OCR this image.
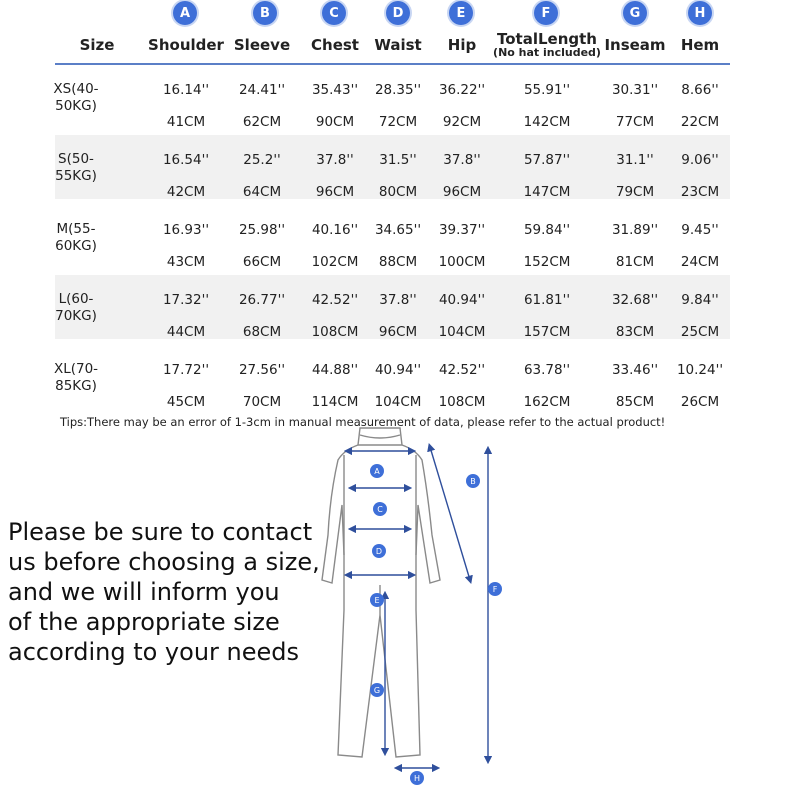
A	B	C	D	E	F	G	H
Size Shoulder Sleeve Chest Waist Hip TotalLength
(No hat included) Inseam Hem
XS(40-
50KG)
16.14'' 24.41'' 35.43'' 28.35'' 36.22''	55.91''	30.31'' 8.66''
41CM	62CM	90CM 72CM 92CM	142CM	77CM 22CM
S(50-
55KG)
16.54''	25.2''	37.8'' 31.5'' 37.8''	57.87''	31.1'' 9.06''
42CM	64CM	96CM 80CM 96CM	147CM	79CM 23CM
M(55-
60KG)
16.93'' 25.98'' 40.16'' 34.65'' 39.37''	59.84''	31.89'' 9.45''
43CM	66CM 102CM 88CM 100CM	152CM	81CM 24CM
L(60-
70KG)
17.32'' 26.77'' 42.52'' 37.8'' 40.94''	61.81''	32.68'' 9.84''
44CM	68CM 108CM 96CM 104CM	157CM	83CM 25CM
XL(70-
85KG)
17.72'' 27.56'' 44.88'' 40.94'' 42.52''	63.78''	33.46'' 10.24''
45CM	70CM 114CM 104CM 108CM	162CM	85CM 26CM
Tips:There may be an error of 1-3cm in manual measurement of data, please refer to the actual product!
Please be sure to contact
us before choosing a size,
and we will inform you
of the appropriate size
according to your needs
A
B
C
D
E
F
G
H
